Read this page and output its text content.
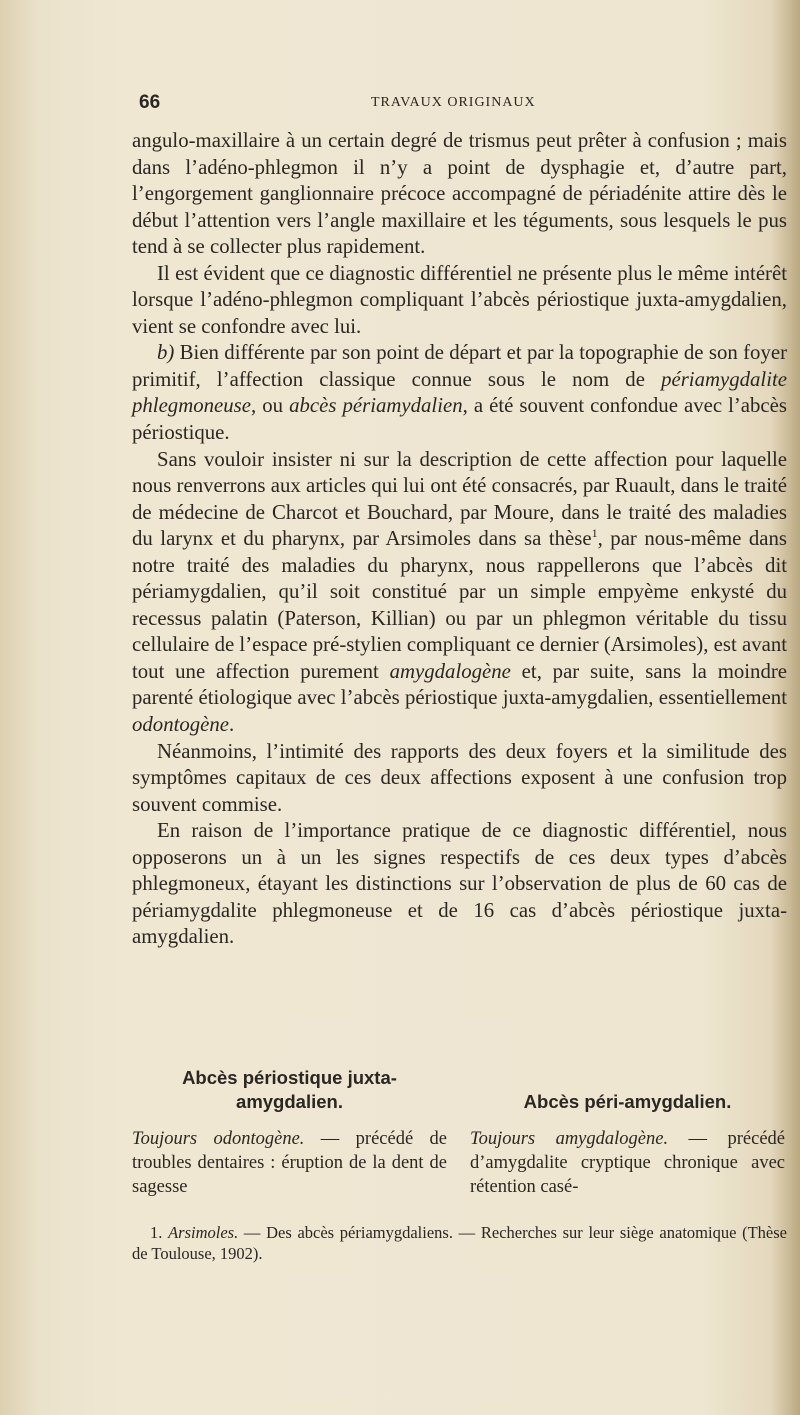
66	TRAVAUX ORIGINAUX

angulo-maxillaire à un certain degré de trismus peut prêter à confusion ; mais dans l’adéno-phlegmon il n’y a point de dysphagie et, d’autre part, l’engorgement ganglionnaire précoce accompagné de périadénite attire dès le début l’attention vers l’angle maxillaire et les téguments, sous lesquels le pus tend à se collecter plus rapidement.

Il est évident que ce diagnostic différentiel ne présente plus le même intérêt lorsque l’adéno-phlegmon compliquant l’abcès périostique juxta-amygdalien, vient se confondre avec lui.

b) Bien différente par son point de départ et par la topographie de son foyer primitif, l’affection classique connue sous le nom de périamygdalite phlegmoneuse, ou abcès périamydalien, a été souvent confondue avec l’abcès périostique.

Sans vouloir insister ni sur la description de cette affection pour laquelle nous renverrons aux articles qui lui ont été consacrés, par Ruault, dans le traité de médecine de Charcot et Bouchard, par Moure, dans le traité des maladies du larynx et du pharynx, par Arsimoles dans sa thèse$^1$, par nous-même dans notre traité des maladies du pharynx, nous rappellerons que l’abcès dit périamygdalien, qu’il soit constitué par un simple empyème enkysté du recessus palatin (Paterson, Killian) ou par un phlegmon véritable du tissu cellulaire de l’espace pré-stylien compliquant ce dernier (Arsimoles), est avant tout une affection purement amygdalogène et, par suite, sans la moindre parenté étiologique avec l’abcès périostique juxta-amygdalien, essentiellement odontogène.

Néanmoins, l’intimité des rapports des deux foyers et la similitude des symptômes capitaux de ces deux affections exposent à une confusion trop souvent commise.

En raison de l’importance pratique de ce diagnostic différentiel, nous opposerons un à un les signes respectifs de ces deux types d’abcès phlegmoneux, étayant les distinctions sur l’observation de plus de 60 cas de périamygdalite phlegmoneuse et de 16 cas d’abcès périostique juxta-amygdalien.

Abcès périostique juxta-amygdalien.
Toujours odontogène. — précédé de troubles dentaires : éruption de la dent de sagesse
Abcès péri-amygdalien.
Toujours amygdalogène. — précédé d’amygdalite cryptique chronique avec rétention casé-
1. Arsimoles. — Des abcès périamygdaliens. — Recherches sur leur siège anatomique (Thèse de Toulouse, 1902).
